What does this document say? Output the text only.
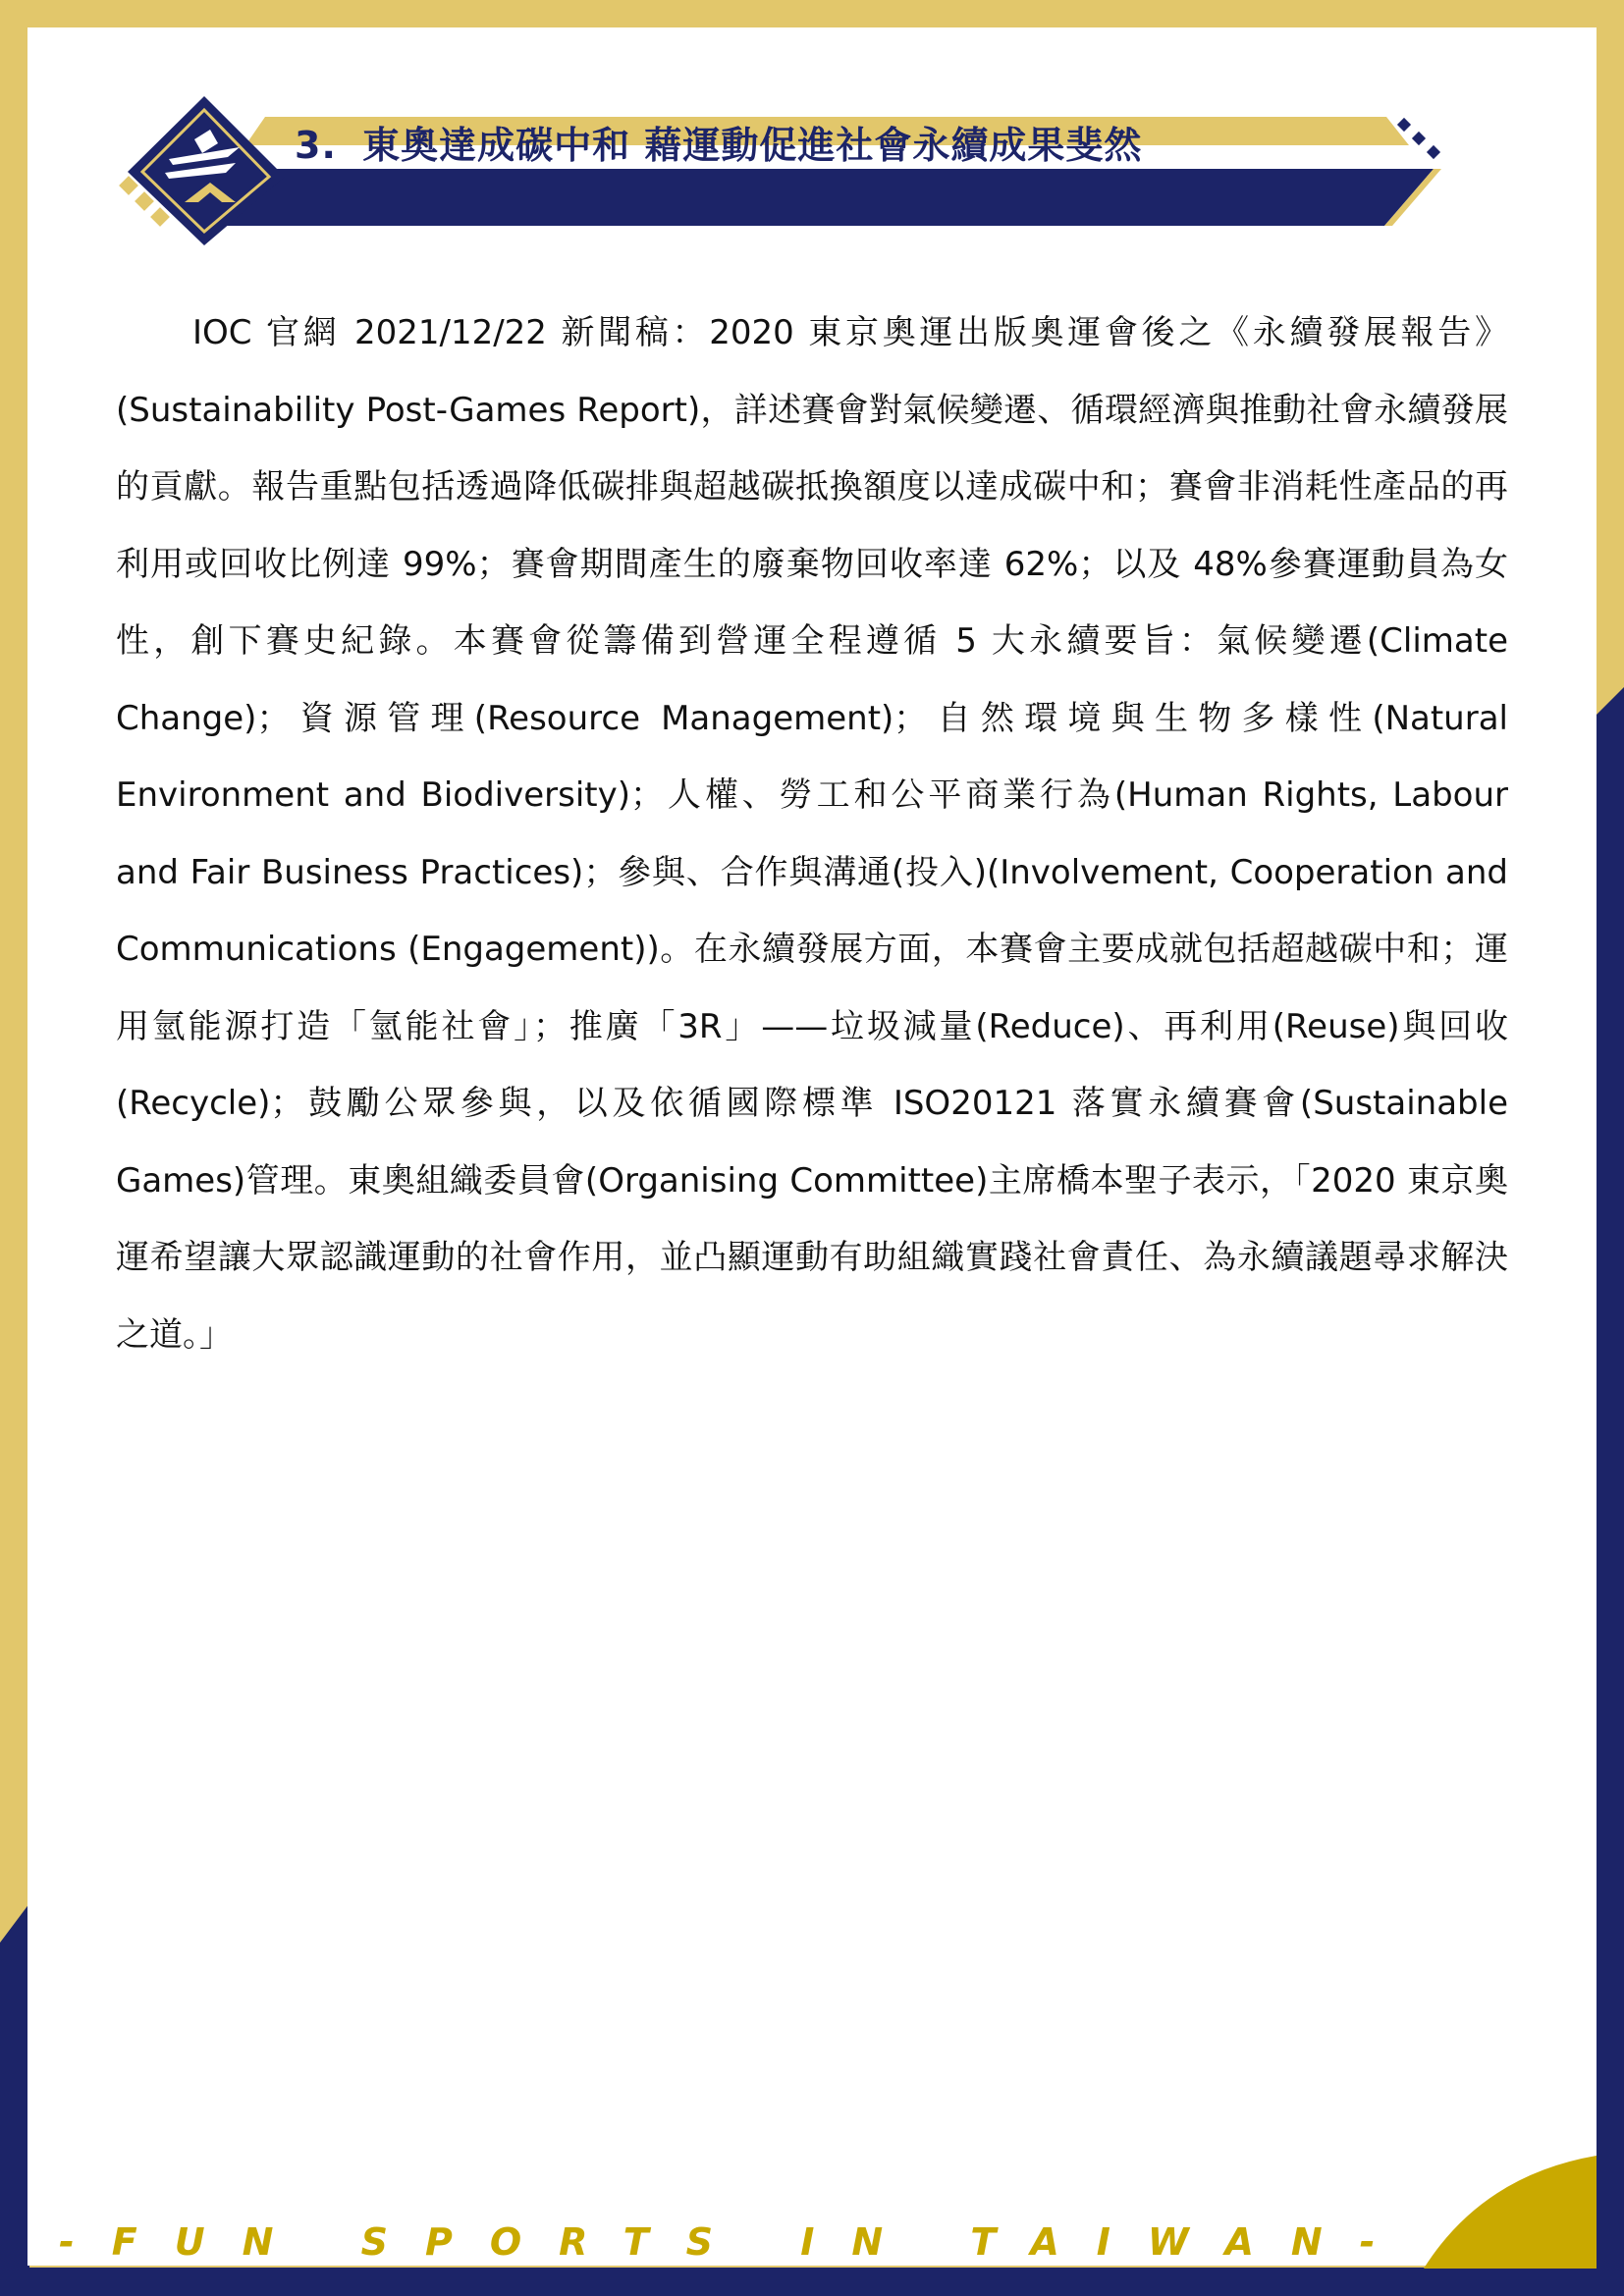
3. 東奧達成碳中和 藉運動促進社會永續成果斐然

IOC 官網 2021/12/22 新聞稿：2020 東京奧運出版奧運會後之《永續發展報告》(Sustainability Post-Games Report)，詳述賽會對氣候變遷、循環經濟與推動社會永續發展的貢獻。報告重點包括透過降低碳排與超越碳抵換額度以達成碳中和；賽會非消耗性產品的再利用或回收比例達 99%；賽會期間產生的廢棄物回收率達 62%；以及 48%參賽運動員為女性，創下賽史紀錄。本賽會從籌備到營運全程遵循 5 大永續要旨：氣候變遷(Climate Change)；資源管理(Resource Management)；自然環境與生物多樣性(Natural Environment and Biodiversity)；人權、勞工和公平商業行為(Human Rights, Labour and Fair Business Practices)；參與、合作與溝通(投入)(Involvement, Cooperation and Communications (Engagement))。在永續發展方面，本賽會主要成就包括超越碳中和；運用氫能源打造「氫能社會」；推廣「3R」——垃圾減量(Reduce)、再利用(Reuse)與回收(Recycle)；鼓勵公眾參與，以及依循國際標準 ISO20121 落實永續賽會(Sustainable Games)管理。東奧組織委員會(Organising Committee)主席橋本聖子表示，「2020 東京奧運希望讓大眾認識運動的社會作用，並凸顯運動有助組織實踐社會責任、為永續議題尋求解決之道。」

-FUN SPORTS IN TAIWAN-
